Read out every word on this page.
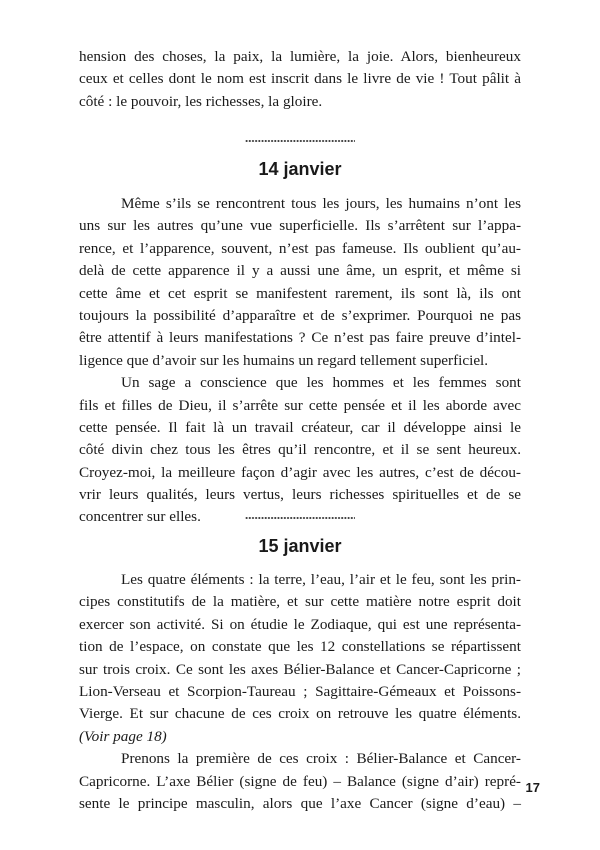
hension des choses, la paix, la lumière, la joie. Alors, bienheureux
ceux et celles dont le nom est inscrit dans le livre de vie ! Tout pâlit à
côté : le pouvoir, les richesses, la gloire.
14 janvier
Même s’ils se rencontrent tous les jours, les humains n’ont les
uns sur les autres qu’une vue superficielle. Ils s’arrêtent sur l’appa-
rence, et l’apparence, souvent, n’est pas fameuse. Ils oublient qu’au-
delà de cette apparence il y a aussi une âme, un esprit, et même si
cette âme et cet esprit se manifestent rarement, ils sont là, ils ont
toujours la possibilité d’apparaître et de s’exprimer. Pourquoi ne pas
être attentif à leurs manifestations ? Ce n’est pas faire preuve d’intel-
ligence que d’avoir sur les humains un regard tellement superficiel.
Un sage a conscience que les hommes et les femmes sont
fils et filles de Dieu, il s’arrête sur cette pensée et il les aborde avec
cette pensée. Il fait là un travail créateur, car il développe ainsi le
côté divin chez tous les êtres qu’il rencontre, et il se sent heureux.
Croyez-moi, la meilleure façon d’agir avec les autres, c’est de décou-
vrir leurs qualités, leurs vertus, leurs richesses spirituelles et de se
concentrer sur elles.
15 janvier
Les quatre éléments : la terre, l’eau, l’air et le feu, sont les prin-
cipes constitutifs de la matière, et sur cette matière notre esprit doit
exercer son activité. Si on étudie le Zodiaque, qui est une représenta-
tion de l’espace, on constate que les 12 constellations se répartissent
sur trois croix. Ce sont les axes Bélier-Balance et Cancer-Capricorne ;
Lion-Verseau et Scorpion-Taureau ; Sagittaire-Gémeaux et Poissons-
Vierge. Et sur chacune de ces croix on retrouve les quatre éléments.
(Voir page 18)
Prenons la première de ces croix : Bélier-Balance et Cancer-
Capricorne. L’axe Bélier (signe de feu) – Balance (signe d’air) repré-
sente le principe masculin, alors que l’axe Cancer (signe d’eau) –
17
